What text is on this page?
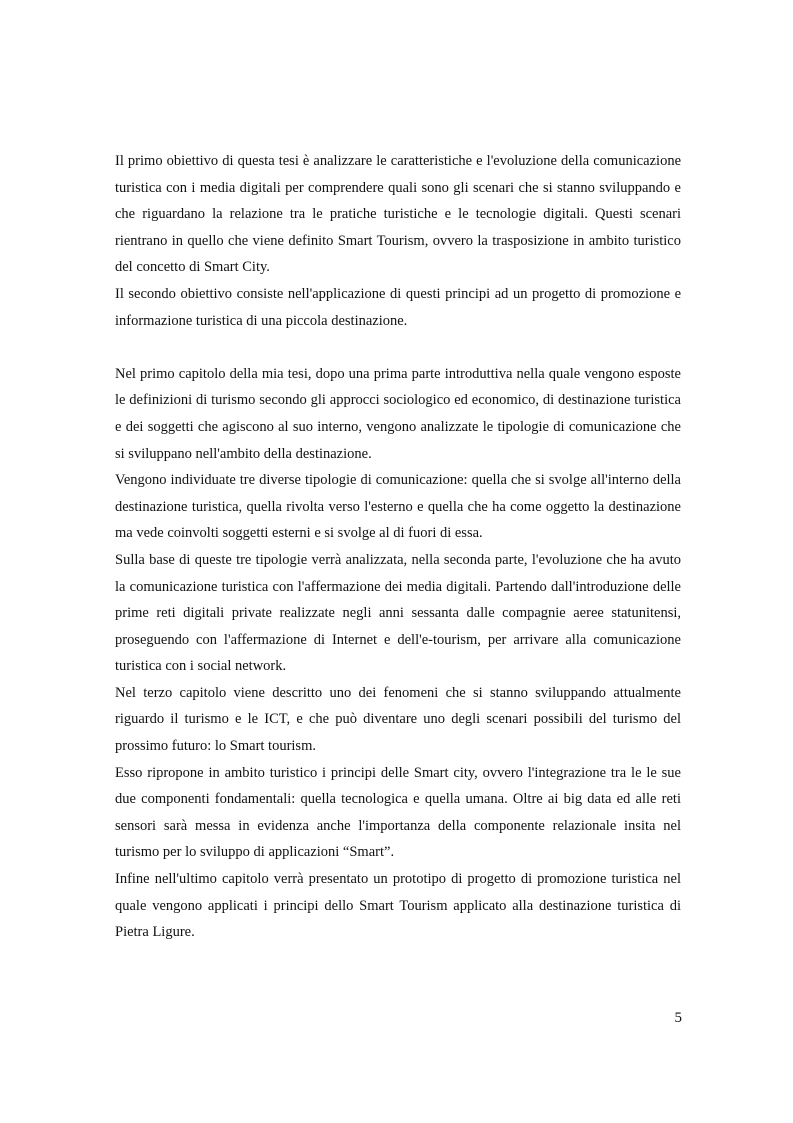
Il primo obiettivo di questa tesi è analizzare le caratteristiche e l'evoluzione della comunicazione turistica con i media digitali per comprendere quali sono gli scenari che si stanno sviluppando e che riguardano la relazione tra le pratiche turistiche e le tecnologie digitali. Questi scenari rientrano in quello che viene definito Smart Tourism, ovvero la trasposizione in ambito turistico del concetto di Smart City.

Il secondo obiettivo consiste nell'applicazione di questi principi ad un progetto di promozione e informazione turistica di una piccola destinazione.

Nel primo capitolo della mia tesi, dopo una prima parte introduttiva nella quale vengono esposte le definizioni di turismo secondo gli approcci sociologico ed economico, di destinazione turistica e dei soggetti che agiscono al suo interno, vengono analizzate le tipologie di comunicazione che si sviluppano nell'ambito della destinazione.

Vengono individuate tre diverse tipologie di comunicazione: quella che si svolge all'interno della destinazione turistica, quella rivolta verso l'esterno e quella che ha come oggetto la destinazione ma vede coinvolti soggetti esterni e si svolge al di fuori di essa.

Sulla base di queste tre tipologie verrà analizzata, nella seconda parte, l'evoluzione che ha avuto la comunicazione turistica con l'affermazione dei media digitali. Partendo dall'introduzione delle prime reti digitali private realizzate negli anni sessanta dalle compagnie aeree statunitensi, proseguendo con l'affermazione di Internet e dell'e-tourism, per arrivare alla comunicazione turistica con i social network.

Nel terzo capitolo viene descritto uno dei fenomeni che si stanno sviluppando attualmente riguardo il turismo e le ICT, e che può diventare uno degli scenari possibili del turismo del prossimo futuro: lo Smart tourism.

Esso ripropone in ambito turistico i principi delle Smart city, ovvero l'integrazione tra le le sue due componenti fondamentali: quella tecnologica e quella umana. Oltre ai big data ed alle reti sensori sarà messa in evidenza anche l'importanza della componente relazionale insita nel turismo per lo sviluppo di applicazioni “Smart”.

Infine nell'ultimo capitolo verrà presentato un prototipo di progetto di promozione turistica nel quale vengono applicati i principi dello Smart Tourism applicato alla destinazione turistica di Pietra Ligure.

5
